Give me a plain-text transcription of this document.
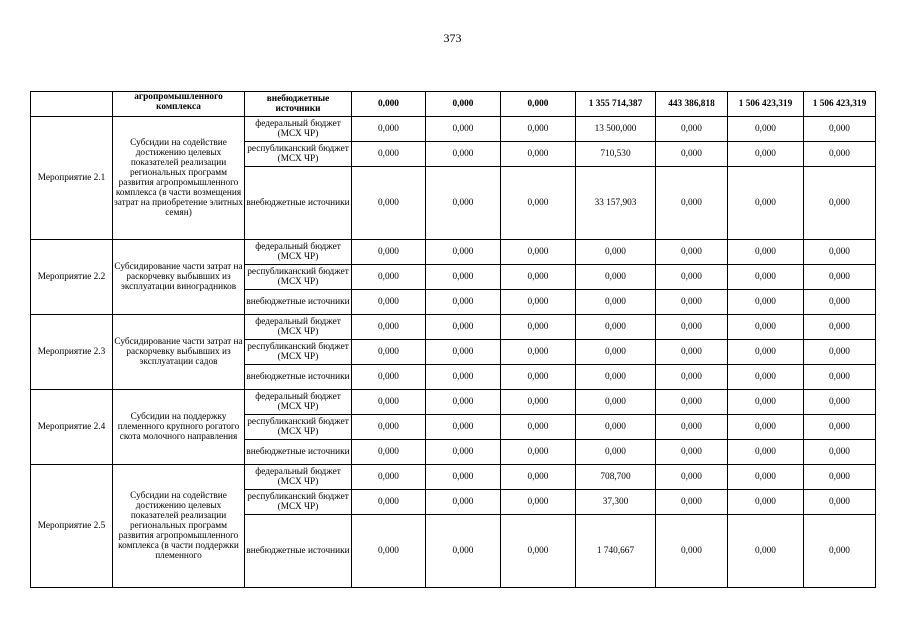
373
	агропромышленного комплекса	внебюджетные источники	0,000	0,000	0,000	1 355 714,387	443 386,818	1 506 423,319	1 506 423,319
Мероприятие 2.1	Субсидии на содействие достижению целевых показателей реализации региональных программ развития агропромышленного комплекса (в части возмещения затрат на приобретение элитных семян)	федеральный бюджет (МСХ ЧР)	0,000	0,000	0,000	13 500,000	0,000	0,000	0,000
		республиканский бюджет (МСХ ЧР)	0,000	0,000	0,000	710,530	0,000	0,000	0,000
		внебюджетные источники	0,000	0,000	0,000	33 157,903	0,000	0,000	0,000
Мероприятие 2.2	Субсидирование части затрат на раскорчевку выбывших из эксплуатации виноградников	федеральный бюджет (МСХ ЧР)	0,000	0,000	0,000	0,000	0,000	0,000	0,000
		республиканский бюджет (МСХ ЧР)	0,000	0,000	0,000	0,000	0,000	0,000	0,000
		внебюджетные источники	0,000	0,000	0,000	0,000	0,000	0,000	0,000
Мероприятие 2.3	Субсидирование части затрат на раскорчевку выбывших из эксплуатации садов	федеральный бюджет (МСХ ЧР)	0,000	0,000	0,000	0,000	0,000	0,000	0,000
		республиканский бюджет (МСХ ЧР)	0,000	0,000	0,000	0,000	0,000	0,000	0,000
		внебюджетные источники	0,000	0,000	0,000	0,000	0,000	0,000	0,000
Мероприятие 2.4	Субсидии на поддержку племенного крупного рогатого скота молочного направления	федеральный бюджет (МСХ ЧР)	0,000	0,000	0,000	0,000	0,000	0,000	0,000
		республиканский бюджет (МСХ ЧР)	0,000	0,000	0,000	0,000	0,000	0,000	0,000
		внебюджетные источники	0,000	0,000	0,000	0,000	0,000	0,000	0,000
Мероприятие 2.5	Субсидии на содействие достижению целевых показателей реализации региональных программ развития агропромышленного комплекса (в части поддержки племенного	федеральный бюджет (МСХ ЧР)	0,000	0,000	0,000	708,700	0,000	0,000	0,000
		республиканский бюджет (МСХ ЧР)	0,000	0,000	0,000	37,300	0,000	0,000	0,000
		внебюджетные источники	0,000	0,000	0,000	1 740,667	0,000	0,000	0,000
